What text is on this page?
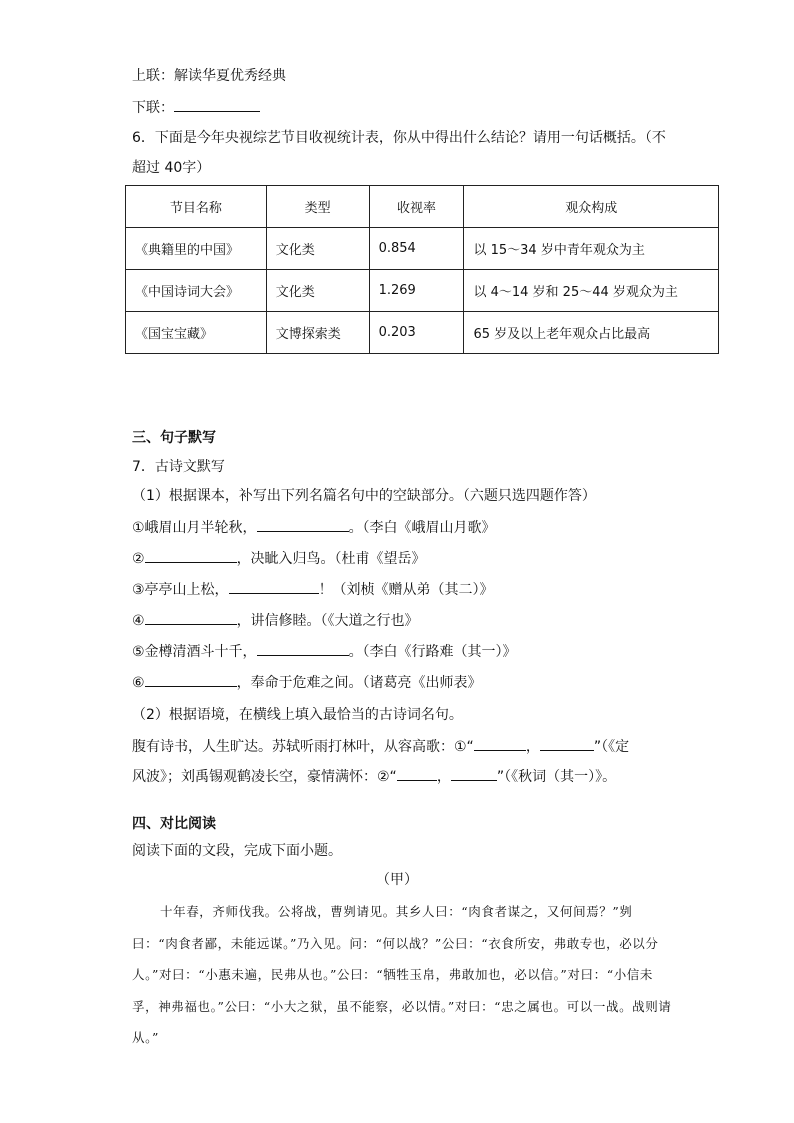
上联：解读华夏优秀经典
下联：
6．下面是今年央视综艺节目收视统计表，你从中得出什么结论？请用一句话概括。（不
超过 40字）
节目名称	类型	收视率	观众构成
《典籍里的中国》	文化类	0.854	以 15～34 岁中青年观众为主
《中国诗词大会》	文化类	1.269	以 4～14 岁和 25～44 岁观众为主
《国宝宝藏》	文博探索类	0.203	65 岁及以上老年观众占比最高
三、句子默写
7．古诗文默写
（1）根据课本，补写出下列名篇名句中的空缺部分。（六题只选四题作答）
①峨眉山月半轮秋，	。（李白《峨眉山月歌》
②	，决眦入归鸟。（杜甫《望岳》
③亭亭山上松，	！（刘桢《赠从弟（其二）》
④	，讲信修睦。（《大道之行也》
⑤金樽清酒斗十千，	。（李白《行路难（其一）》
⑥	，奉命于危难之间。（诸葛亮《出师表》
（2）根据语境，在横线上填入最恰当的古诗词名句。
腹有诗书，人生旷达。苏轼听雨打林叶，从容高歌：①“	，	”（《定
风波》；刘禹锡观鹤凌长空，豪情满怀：②“	，	”（《秋词（其一）》。
四、对比阅读
阅读下面的文段，完成下面小题。
（甲）
十年春，齐师伐我。公将战，曹刿请见。其乡人曰：“肉食者谋之，又何间焉？”刿曰：“肉食者鄙，未能远谋。”乃入见。问：“何以战？”公曰：“衣食所安，弗敢专也，必以分人。”对曰：“小惠未遍，民弗从也。”公曰：“牺牲玉帛，弗敢加也，必以信。”对曰：“小信未孚，神弗福也。”公曰：“小大之狱，虽不能察，必以情。”对曰：“忠之属也。可以一战。战则请从。”
